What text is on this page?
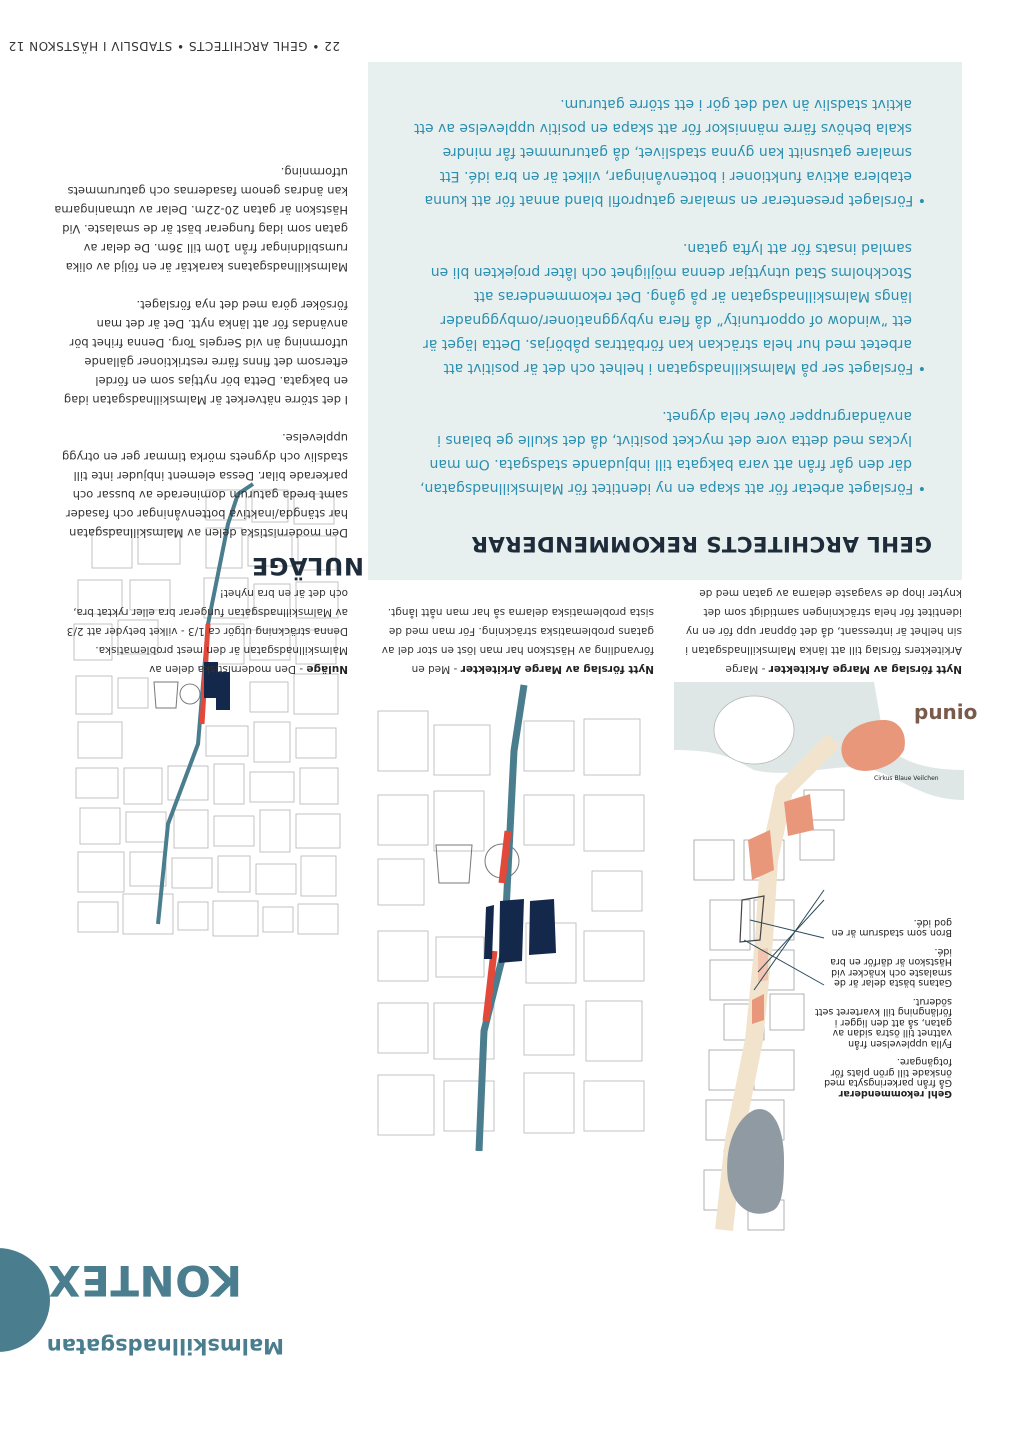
22 • GEHL ARCHITECTS • STADSLIV I HÄSTSKON 12
Cirkus Blaue Veilchen
punio
Gehl rekommenderar
Gå från parkeringsyta med önskade till grön plats för fotgängare.
Fylla upplevelsen från vattnet till östra sidan av gatan, så att den ligger i förlängning till kvarteret sett söderut.
Gatans bästa delar är de smalaste och knäcker vid Hästskon är därför en bra idé.
Bron som stadsrum är en god idé.
Nuläge - Den modernistiska delen av Malmskillnadsgatan är den mest problematiska. Denna sträckning utgör ca 1/3 - vilket betyder att 2/3 av Malmskillnadsgatan fungerar bra eller ryktat bra, och det är en bra nyhet!
Nytt förslag av Marge Arkitekter - Med en förvandling av Hästskon har man löst en stor del av gatans problematiska sträckning. För man med de sista problematiska delarna så har man nått långt.
Nytt förslag av Marge Arkitekter - Marge Arkitekters förslag till att länka Malmskillnadsgatan i sin helhet är intressant, då det öppnar upp för en ny identitet för hela sträckningen samtidigt som det knyter ihop de svagaste delarna av gatan med de
NULÄGE

Den modernistiska delen av Malmskillnadsgatan har stängda/inaktiva bottenvåningar och fasader samt breda gaturum dominerade av bussar och parkerade bilar. Dessa element inbjuder inte till stadsliv och dygnets mörka timmar ger en otrygg upplevelse.

I det större nätverket är Malmskillnadsgatan idag en bakgata. Detta bör nyttjas som en fördel eftersom det finns färre restriktioner gällande utformning än vid Sergels Torg. Denna frihet bör användas för att länka nytt. Det är det man försöker göra med det nya förslaget.

Malmskillnadsgatans karaktär är en följd av olika rumsbildningar från 10m till 36m. De delar av gatan som idag fungerar bäst är de smalaste. Vid Hästskon är gatan 20-22m. Delar av utmaningarna kan ändras genom fasadernas och gaturummets utformning.

GEHL ARCHITECTS REKOMMENDERAR
• Förslaget arbetar för att skapa en ny identitet för Malmskillnadsgatan, där den går från att vara bakgata till inbjudande stadsgata. Om man lyckas med detta vore det mycket positivt, då det skulle ge balans i användargrupper över hela dygnet.
• Förslaget ser på Malmskillnadsgatan i helhet och det är positivt att arbetet med hur hela sträckan kan förbättras påbörjas. Detta läget är ett ”window of opportunity” då flera nybyggnationer/ombyggnader längs Malmskillnadsgatan är på gång. Det rekommenderas att Stockholms Stad utnyttjar denna möjlighet och låter projekten bli en samlad insats för att lyfta gatan.
• Förslaget presenterar en smalare gatuprofil bland annat för att kunna etablera aktiva funktioner i bottenvåningar, vilket är en bra idé. Ett smalare gatusnitt kan gynna stadslivet, då gaturummet får mindre skala behövs färre människor för att skapa en positiv upplevelse av ett aktivt stadsliv än vad det gör i ett större gaturum.
KONTEXT
Malmskillnadsgatan
